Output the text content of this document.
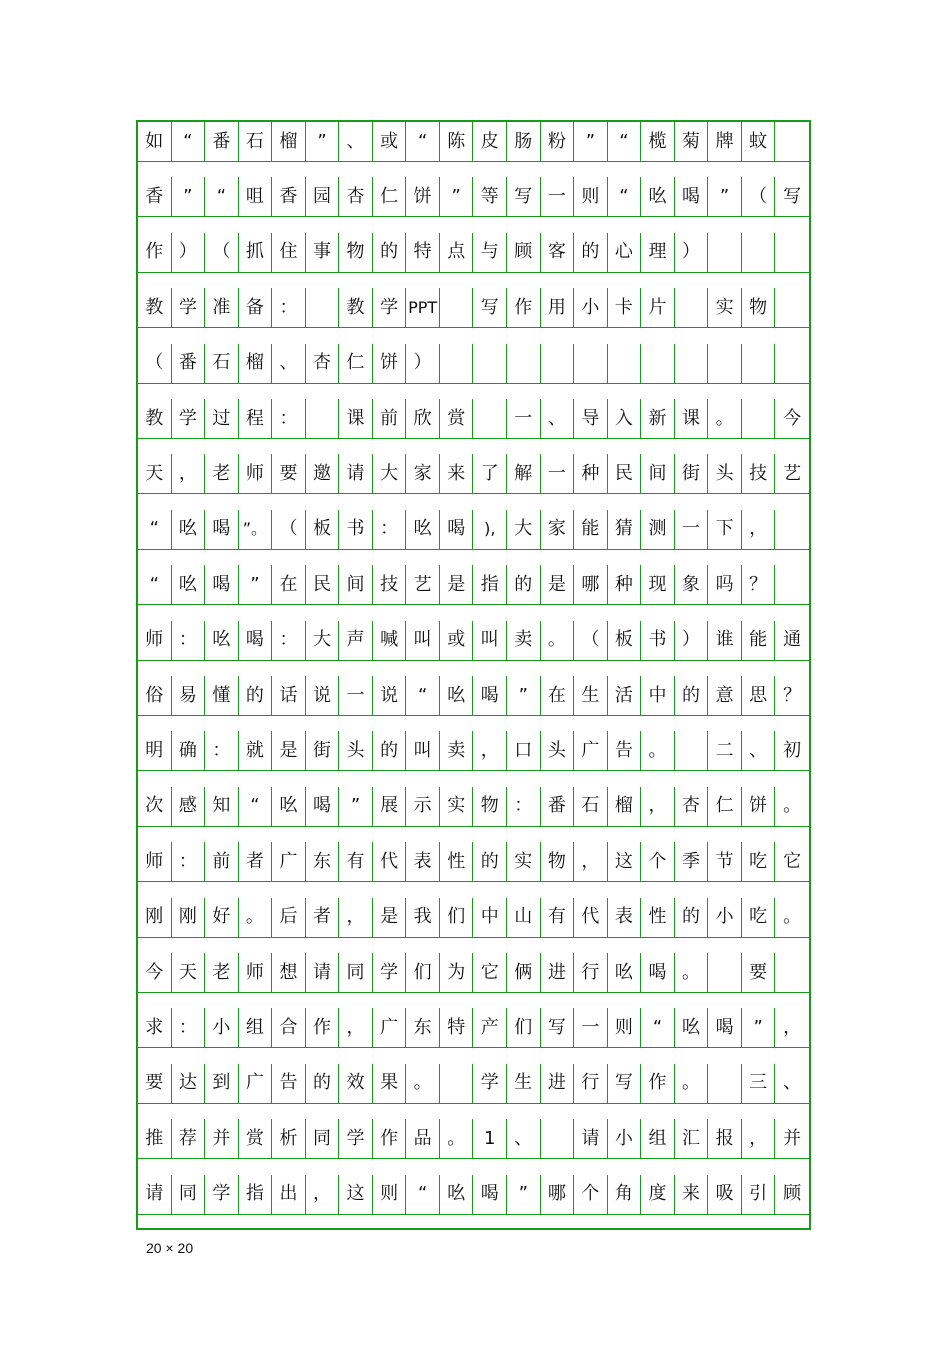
如	“	番 石 榴	”	、 或	“	陈 皮 肠 粉	”	“	榄 菊 牌 蚊
香	”	“	咀 香 园 杏 仁 饼	”	等 写 一 则	“	吆 喝	”	（ 写
作 ） （ 抓 住 事 物 的 特 点 与 顾 客 的 心 理 ）
教 学 准 备 ：	教 学 PPT	写 作 用 小 卡 片	实 物
（ 番 石 榴 、 杏 仁 饼 ）
教 学 过 程 ：	课 前 欣 赏	一 、 导 入 新 课 。	今
天 ， 老 师 要 邀 请 大 家 来 了 解 一 种 民 间 街 头 技 艺
“	吆 喝 ”。 （ 板 书 ： 吆 喝	),	大 家 能 猜 测 一 下 ，
“	吆 喝	”	在 民 间 技 艺 是 指 的 是 哪 种 现 象 吗 ？
师 ： 吆 喝 ： 大 声 喊 叫 或 叫 卖 。 （ 板 书 ） 谁 能 通
俗 易 懂 的 话 说 一 说	“	吆 喝	”	在 生 活 中 的 意 思 ？
明 确 ： 就 是 街 头 的 叫 卖 ， 口 头 广 告 。	二 、 初
次 感 知	“	吆 喝	”	展 示 实 物 ： 番 石 榴 ， 杏 仁 饼 。
师 ： 前 者 广 东 有 代 表 性 的 实 物 ， 这 个 季 节 吃 它
刚 刚 好 。 后 者 ， 是 我 们 中 山 有 代 表 性 的 小 吃 。
今 天 老 师 想 请 同 学 们 为 它 俩 进 行 吆 喝 。	要
求 ： 小 组 合 作 ， 广 东 特 产 们 写 一 则	“	吆 喝	”	，
要 达 到 广 告 的 效 果 。	学 生 进 行 写 作 。	三 、
推 荐 并 赏 析 同 学 作 品 。	1	、	请 小 组 汇 报 ， 并
请 同 学 指 出 ， 这 则	“	吆 喝	”	哪 个 角 度 来 吸 引 顾
20 × 20
